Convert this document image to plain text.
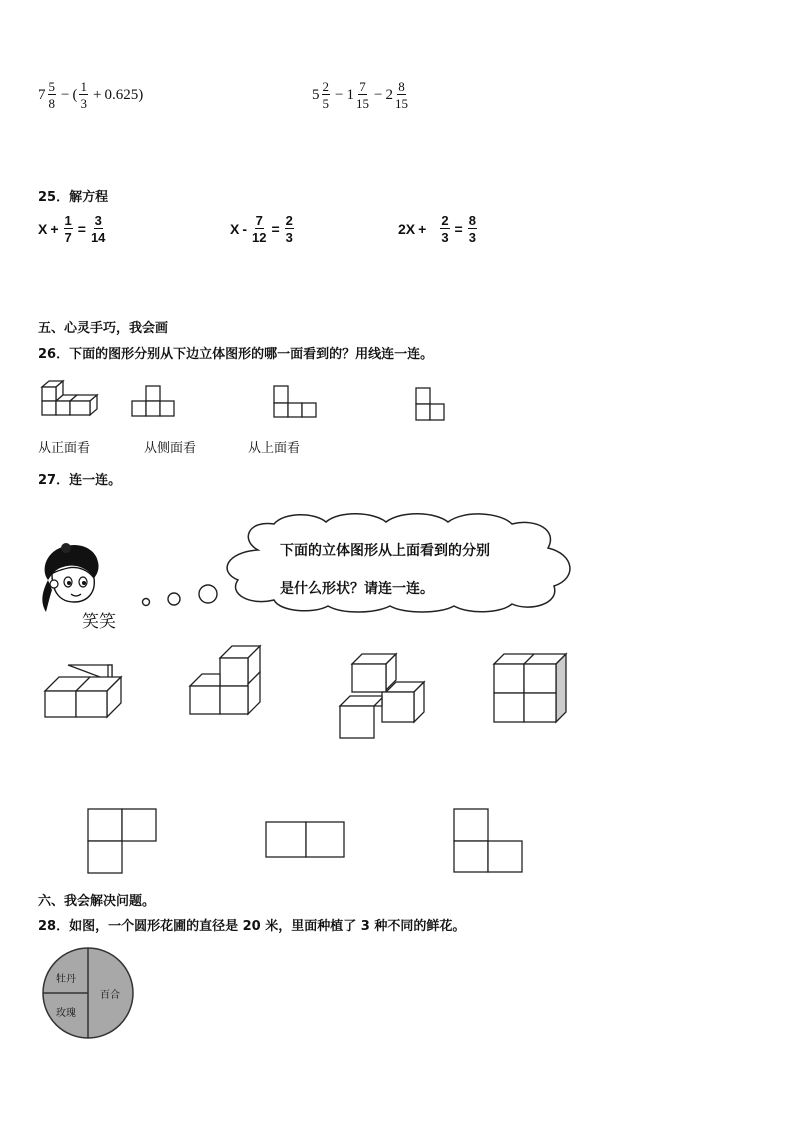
$7 \frac{5}{8}$ − ( $\frac{1}{3} + 0.625$ )	$5 \frac{2}{5} - 1 \frac{7}{15} - 2 \frac{8}{15}$
25．解方程
$X + \frac{1}{7} = \frac{3}{14}$	$X - \frac{7}{12} = \frac{2}{3}$	$2X + \frac{2}{3} = \frac{8}{3}$
五、心灵手巧，我会画
26．下面的图形分别从下边立体图形的哪一面看到的？用线连一连。
从正面看	从侧面看	从上面看
27．连一连。
笑笑
下面的立体图形从上面看到的分别
是什么形状？请连一连。
六、我会解决问题。
28．如图，一个圆形花圃的直径是 20 米，里面种植了 3 种不同的鲜花。
牡丹
玫瑰
百合
